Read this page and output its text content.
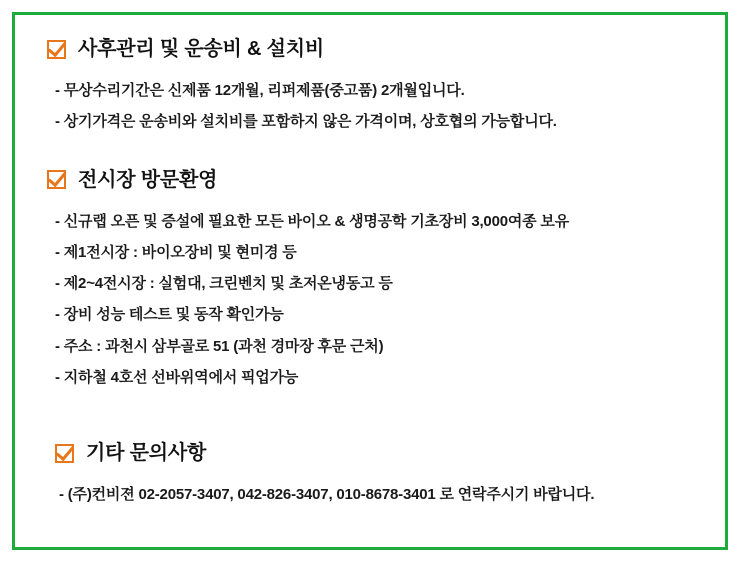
사후관리 및 운송비 & 설치비
- 무상수리기간은 신제품 12개월, 리퍼제품(중고품) 2개월입니다.
- 상기가격은 운송비와 설치비를 포함하지 않은 가격이며, 상호협의 가능합니다.
전시장 방문환영
- 신규랩 오픈 및 증설에 필요한 모든 바이오 & 생명공학 기초장비 3,000여종 보유
- 제1전시장 : 바이오장비 및 현미경 등
- 제2~4전시장 : 실험대, 크린벤치 및 초저온냉동고 등
- 장비 성능 테스트 및 동작 확인가능
- 주소 : 과천시 삼부골로 51 (과천 경마장 후문 근처)
- 지하철 4호선 선바위역에서 픽업가능
기타 문의사항
- (주)컨비젼 02-2057-3407, 042-826-3407, 010-8678-3401 로 연락주시기 바랍니다.
